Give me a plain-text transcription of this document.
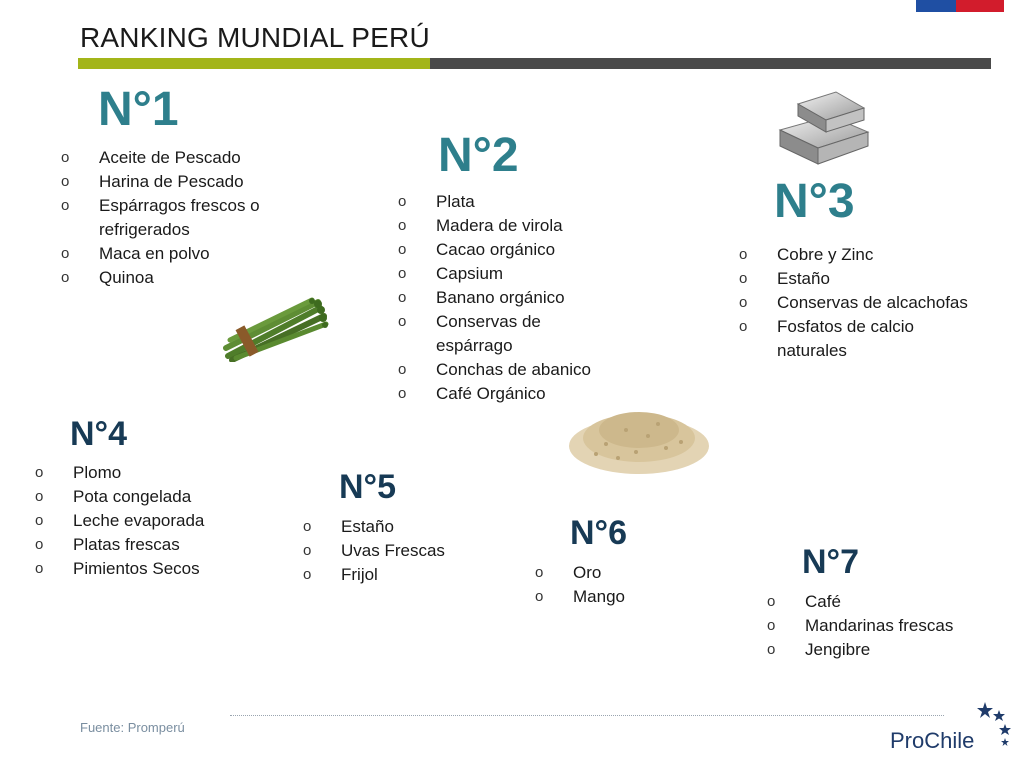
RANKING MUNDIAL PERÚ
N°1
o Aceite de Pescado
o Harina de Pescado
o Espárragos frescos o refrigerados
o Maca en polvo
o Quinoa
N°2
o Plata
o Madera de virola
o Cacao orgánico
o Capsium
o Banano orgánico
o Conservas de espárrago
o Conchas de abanico
o Café Orgánico
N°3
o Cobre y Zinc
o Estaño
o Conservas de alcachofas
o Fosfatos de calcio naturales
N°4
o Plomo
o Pota congelada
o Leche evaporada
o Platas frescas
o Pimientos Secos
N°5
o Estaño
o Uvas Frescas
o Frijol
N°6
o Oro
o Mango
N°7
o Café
o Mandarinas frescas
o Jengibre
Fuente: Promperú
ProChile
